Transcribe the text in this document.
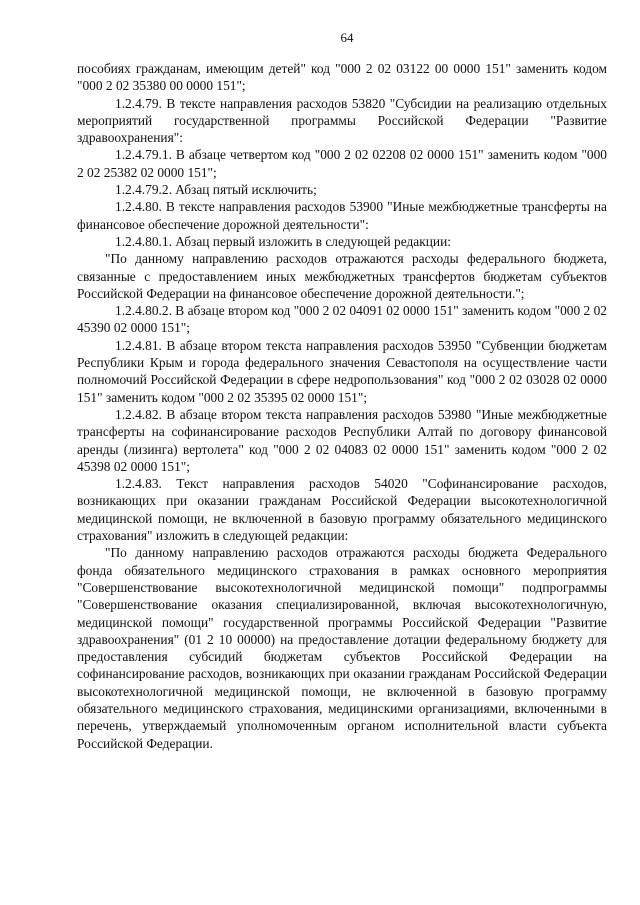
64

пособиях гражданам, имеющим детей" код "000 2 02 03122 00 0000 151" заменить кодом "000 2 02 35380 00 0000 151";

1.2.4.79. В тексте направления расходов 53820 "Субсидии на реализацию отдельных мероприятий государственной программы Российской Федерации "Развитие здравоохранения":

1.2.4.79.1. В абзаце четвертом код "000 2 02 02208 02 0000 151" заменить кодом "000 2 02 25382 02 0000 151";

1.2.4.79.2. Абзац пятый исключить;

1.2.4.80. В тексте направления расходов 53900 "Иные межбюджетные трансферты на финансовое обеспечение дорожной деятельности":

1.2.4.80.1. Абзац первый изложить в следующей редакции:

"По данному направлению расходов отражаются расходы федерального бюджета, связанные с предоставлением иных межбюджетных трансфертов бюджетам субъектов Российской Федерации на финансовое обеспечение дорожной деятельности.";

1.2.4.80.2. В абзаце втором код "000 2 02 04091 02 0000 151" заменить кодом "000 2 02 45390 02 0000 151";

1.2.4.81. В абзаце втором текста направления расходов 53950 "Субвенции бюджетам Республики Крым и города федерального значения Севастополя на осуществление части полномочий Российской Федерации в сфере недропользования" код "000 2 02 03028 02 0000 151" заменить кодом "000 2 02 35395 02 0000 151";

1.2.4.82. В абзаце втором текста направления расходов 53980 "Иные межбюджетные трансферты на софинансирование расходов Республики Алтай по договору финансовой аренды (лизинга) вертолета" код "000 2 02 04083 02 0000 151" заменить кодом "000 2 02 45398 02 0000 151";

1.2.4.83. Текст направления расходов 54020 "Софинансирование расходов, возникающих при оказании гражданам Российской Федерации высокотехнологичной медицинской помощи, не включенной в базовую программу обязательного медицинского страхования" изложить в следующей редакции:

"По данному направлению расходов отражаются расходы бюджета Федерального фонда обязательного медицинского страхования в рамках основного мероприятия "Совершенствование высокотехнологичной медицинской помощи" подпрограммы "Совершенствование оказания специализированной, включая высокотехнологичную, медицинской помощи" государственной программы Российской Федерации "Развитие здравоохранения" (01 2 10 00000) на предоставление дотации федеральному бюджету для предоставления субсидий бюджетам субъектов Российской Федерации на софинансирование расходов, возникающих при оказании гражданам Российской Федерации высокотехнологичной медицинской помощи, не включенной в базовую программу обязательного медицинского страхования, медицинскими организациями, включенными в перечень, утверждаемый уполномоченным органом исполнительной власти субъекта Российской Федерации.
